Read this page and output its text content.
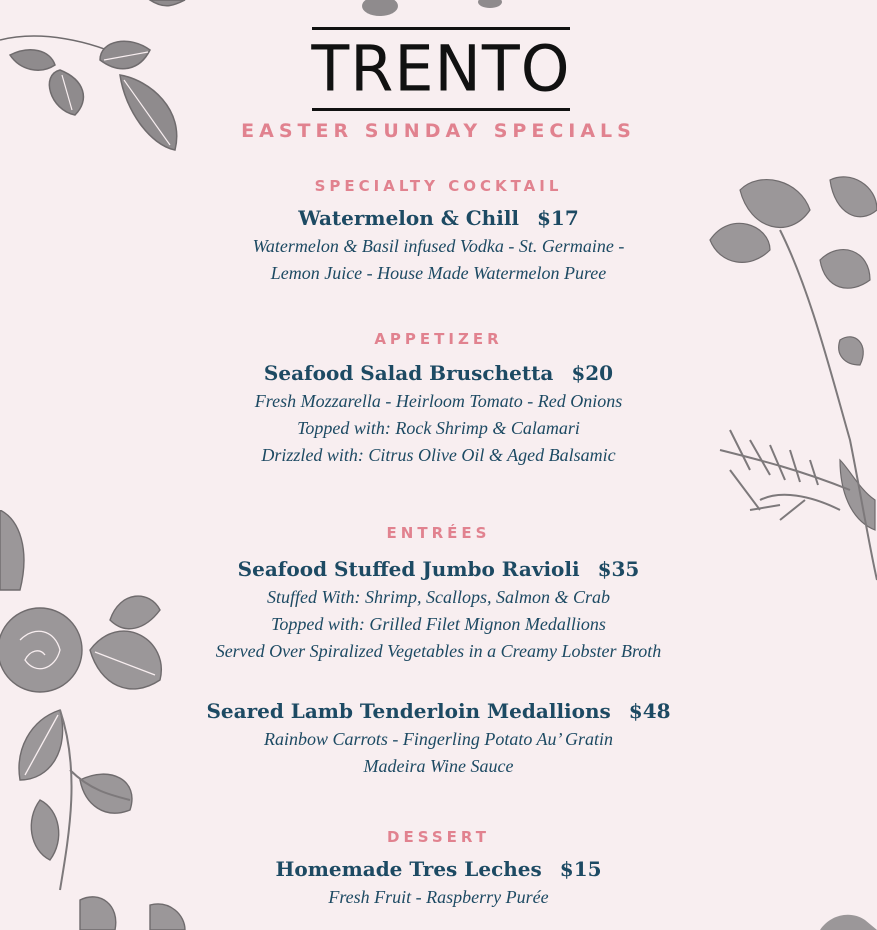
TRENTO
EASTER SUNDAY SPECIALS
SPECIALTY COCKTAIL
Watermelon & Chill $17
Watermelon & Basil infused Vodka - St. Germaine -
Lemon Juice - House Made Watermelon Puree
APPETIZER
Seafood Salad Bruschetta $20
Fresh Mozzarella - Heirloom Tomato - Red Onions
Topped with: Rock Shrimp & Calamari
Drizzled with: Citrus Olive Oil & Aged Balsamic
ENTRÉES
Seafood Stuffed Jumbo Ravioli $35
Stuffed With: Shrimp, Scallops, Salmon & Crab
Topped with: Grilled Filet Mignon Medallions
Served Over Spiralized Vegetables in a Creamy Lobster Broth
Seared Lamb Tenderloin Medallions $48
Rainbow Carrots - Fingerling Potato Au’ Gratin
Madeira Wine Sauce
DESSERT
Homemade Tres Leches $15
Fresh Fruit - Raspberry Purée
